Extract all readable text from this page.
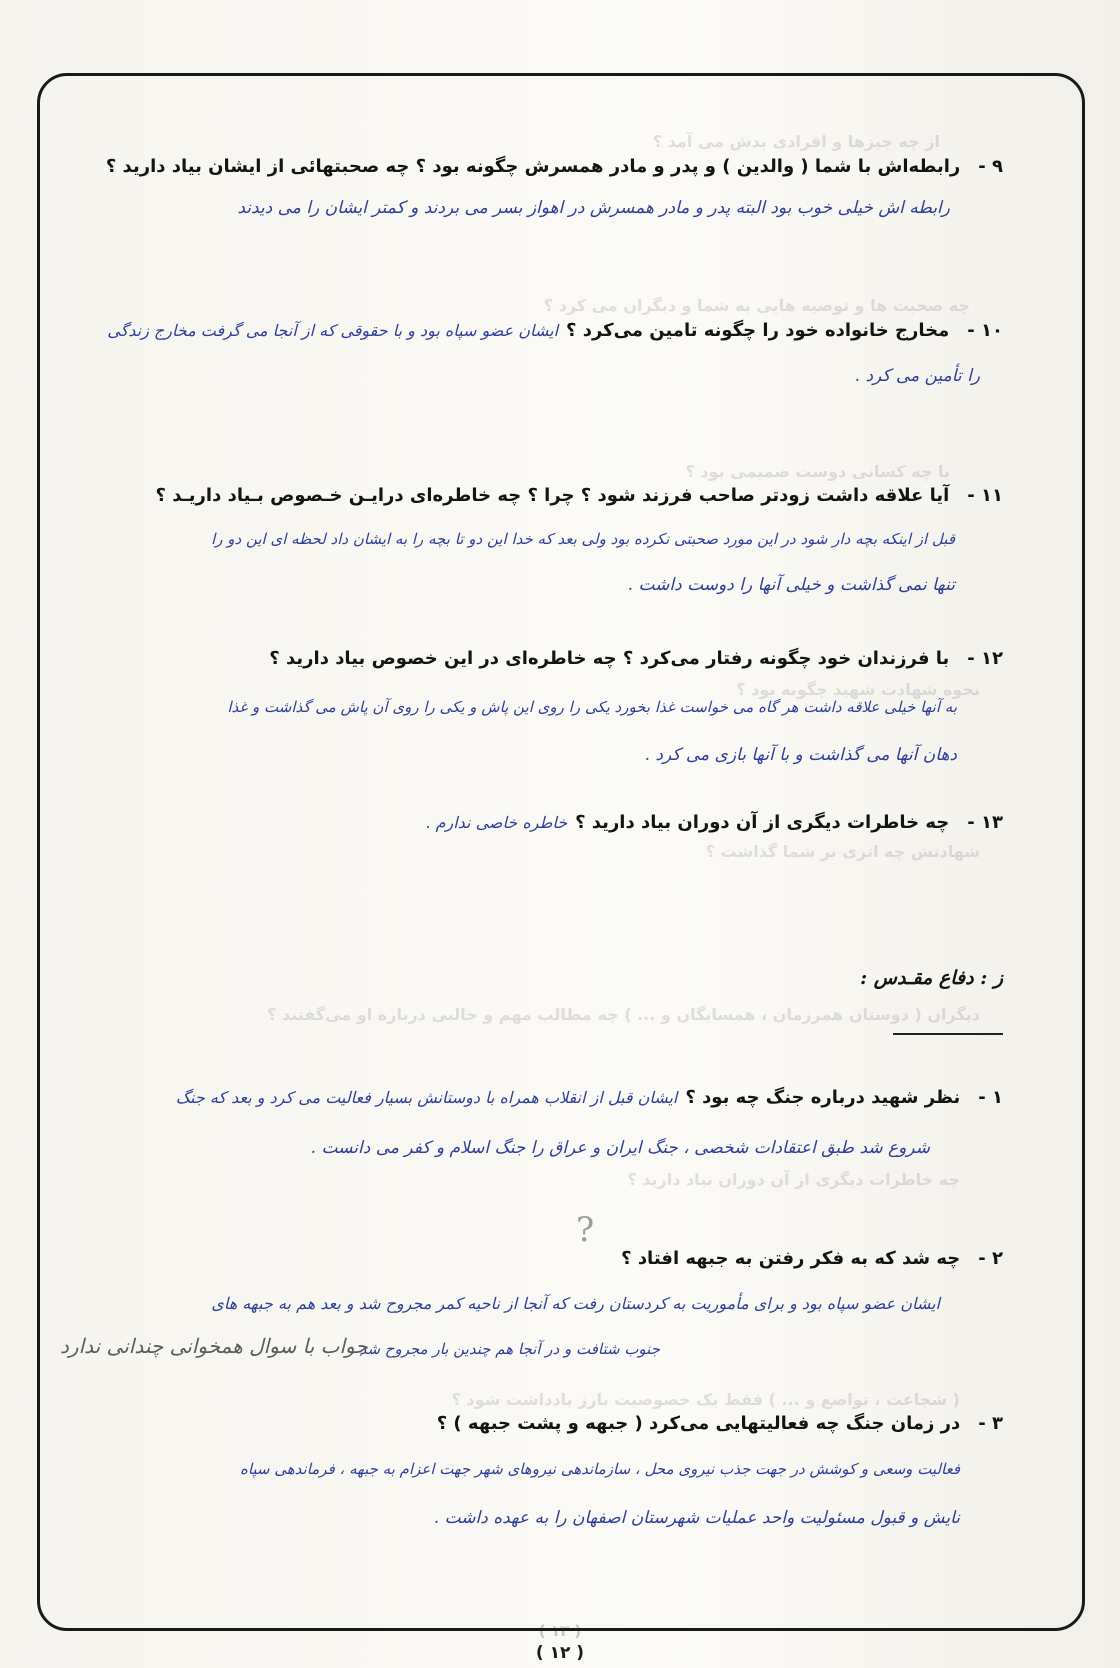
از چه چیزها و افرادی بدش می آمد ؟
چه صحبت ها و توصیه هایی به شما و دیگران می کرد ؟
با چه کسانی دوست صمیمی بود ؟
نحوه شهادت شهید چگونه بود ؟
شهادتش چه اثری بر شما گذاشت ؟
دیگران ( دوستان همرزمان ، همسایگان و ... ) چه مطالب مهم و جالبی درباره او می‌گفتند ؟
چه خاطرات دیگری از آن دوران بیاد دارید ؟
( شجاعت ، تواضع و ... ) فقط یک خصوصیت بارز یادداشت شود ؟
۹ -رابطه‌اش با شما ( والدین ) و پدر و مادر همسرش چگونه بود ؟ چه صحبتهائی از ایشان بیاد دارید ؟
رابطه اش خیلی خوب بود البته پدر و مادر همسرش در اهواز بسر می بردند و کمتر ایشان را می دیدند
۱۰ -مخارج خانواده خود را چگونه تامین می‌کرد ؟ایشان عضو سپاه بود و با حقوقی که از آنجا می گرفت مخارج زندگی
را تأمین می کرد .
۱۱ -آیا علاقه داشت زودتر صاحب فرزند شود ؟ چرا ؟ چه خاطره‌ای درایـن خـصوص بـیاد داریـد ؟
قبل از اینکه بچه دار شود در این مورد صحبتی نکرده بود ولی بعد که خدا این دو تا بچه را به ایشان داد لحظه ای این دو را
تنها نمی گذاشت و خیلی آنها را دوست داشت .
۱۲ -با فرزندان خود چگونه رفتار می‌کرد ؟ چه خاطره‌ای در این خصوص بیاد دارید ؟
به آنها خیلی علاقه داشت هر گاه می خواست غذا بخورد یکی را روی این پاش و یکی را روی آن پاش می گذاشت و غذا
دهان آنها می گذاشت و با آنها بازی می کرد .
۱۳ -چه خاطرات دیگری از آن دوران بیاد دارید ؟خاطره خاصی ندارم .
ز : دفاع مقـدس :
۱ -نظر شهید درباره جنگ چه بود ؟ایشان قبل از انقلاب همراه با دوستانش بسیار فعالیت می کرد و بعد که جنگ
شروع شد طبق اعتقادات شخصی ، جنگ ایران و عراق را جنگ اسلام و کفر می دانست .
۲ -چه شد که به فکر رفتن به جبهه افتاد ؟
?
ایشان عضو سپاه بود و برای مأموریت به کردستان رفت که آنجا از ناحیه کمر مجروح شد و بعد هم به جبهه های
جنوب شتافت و در آنجا هم چندین بار مجروح شد .
جواب با سوال همخوانی چندانی ندارد
۳ -در زمان جنگ چه فعالیتهایی می‌کرد ( جبهه و پشت جبهه ) ؟
فعالیت وسعی و کوشش در جهت جذب نیروی محل ، سازماندهی نیروهای شهر جهت اعزام به جبهه ، فرماندهی سپاه
نایش و قبول مسئولیت واحد عملیات شهرستان اصفهان را به عهده داشت .
( ۱۳ )
( ۱۲ )
